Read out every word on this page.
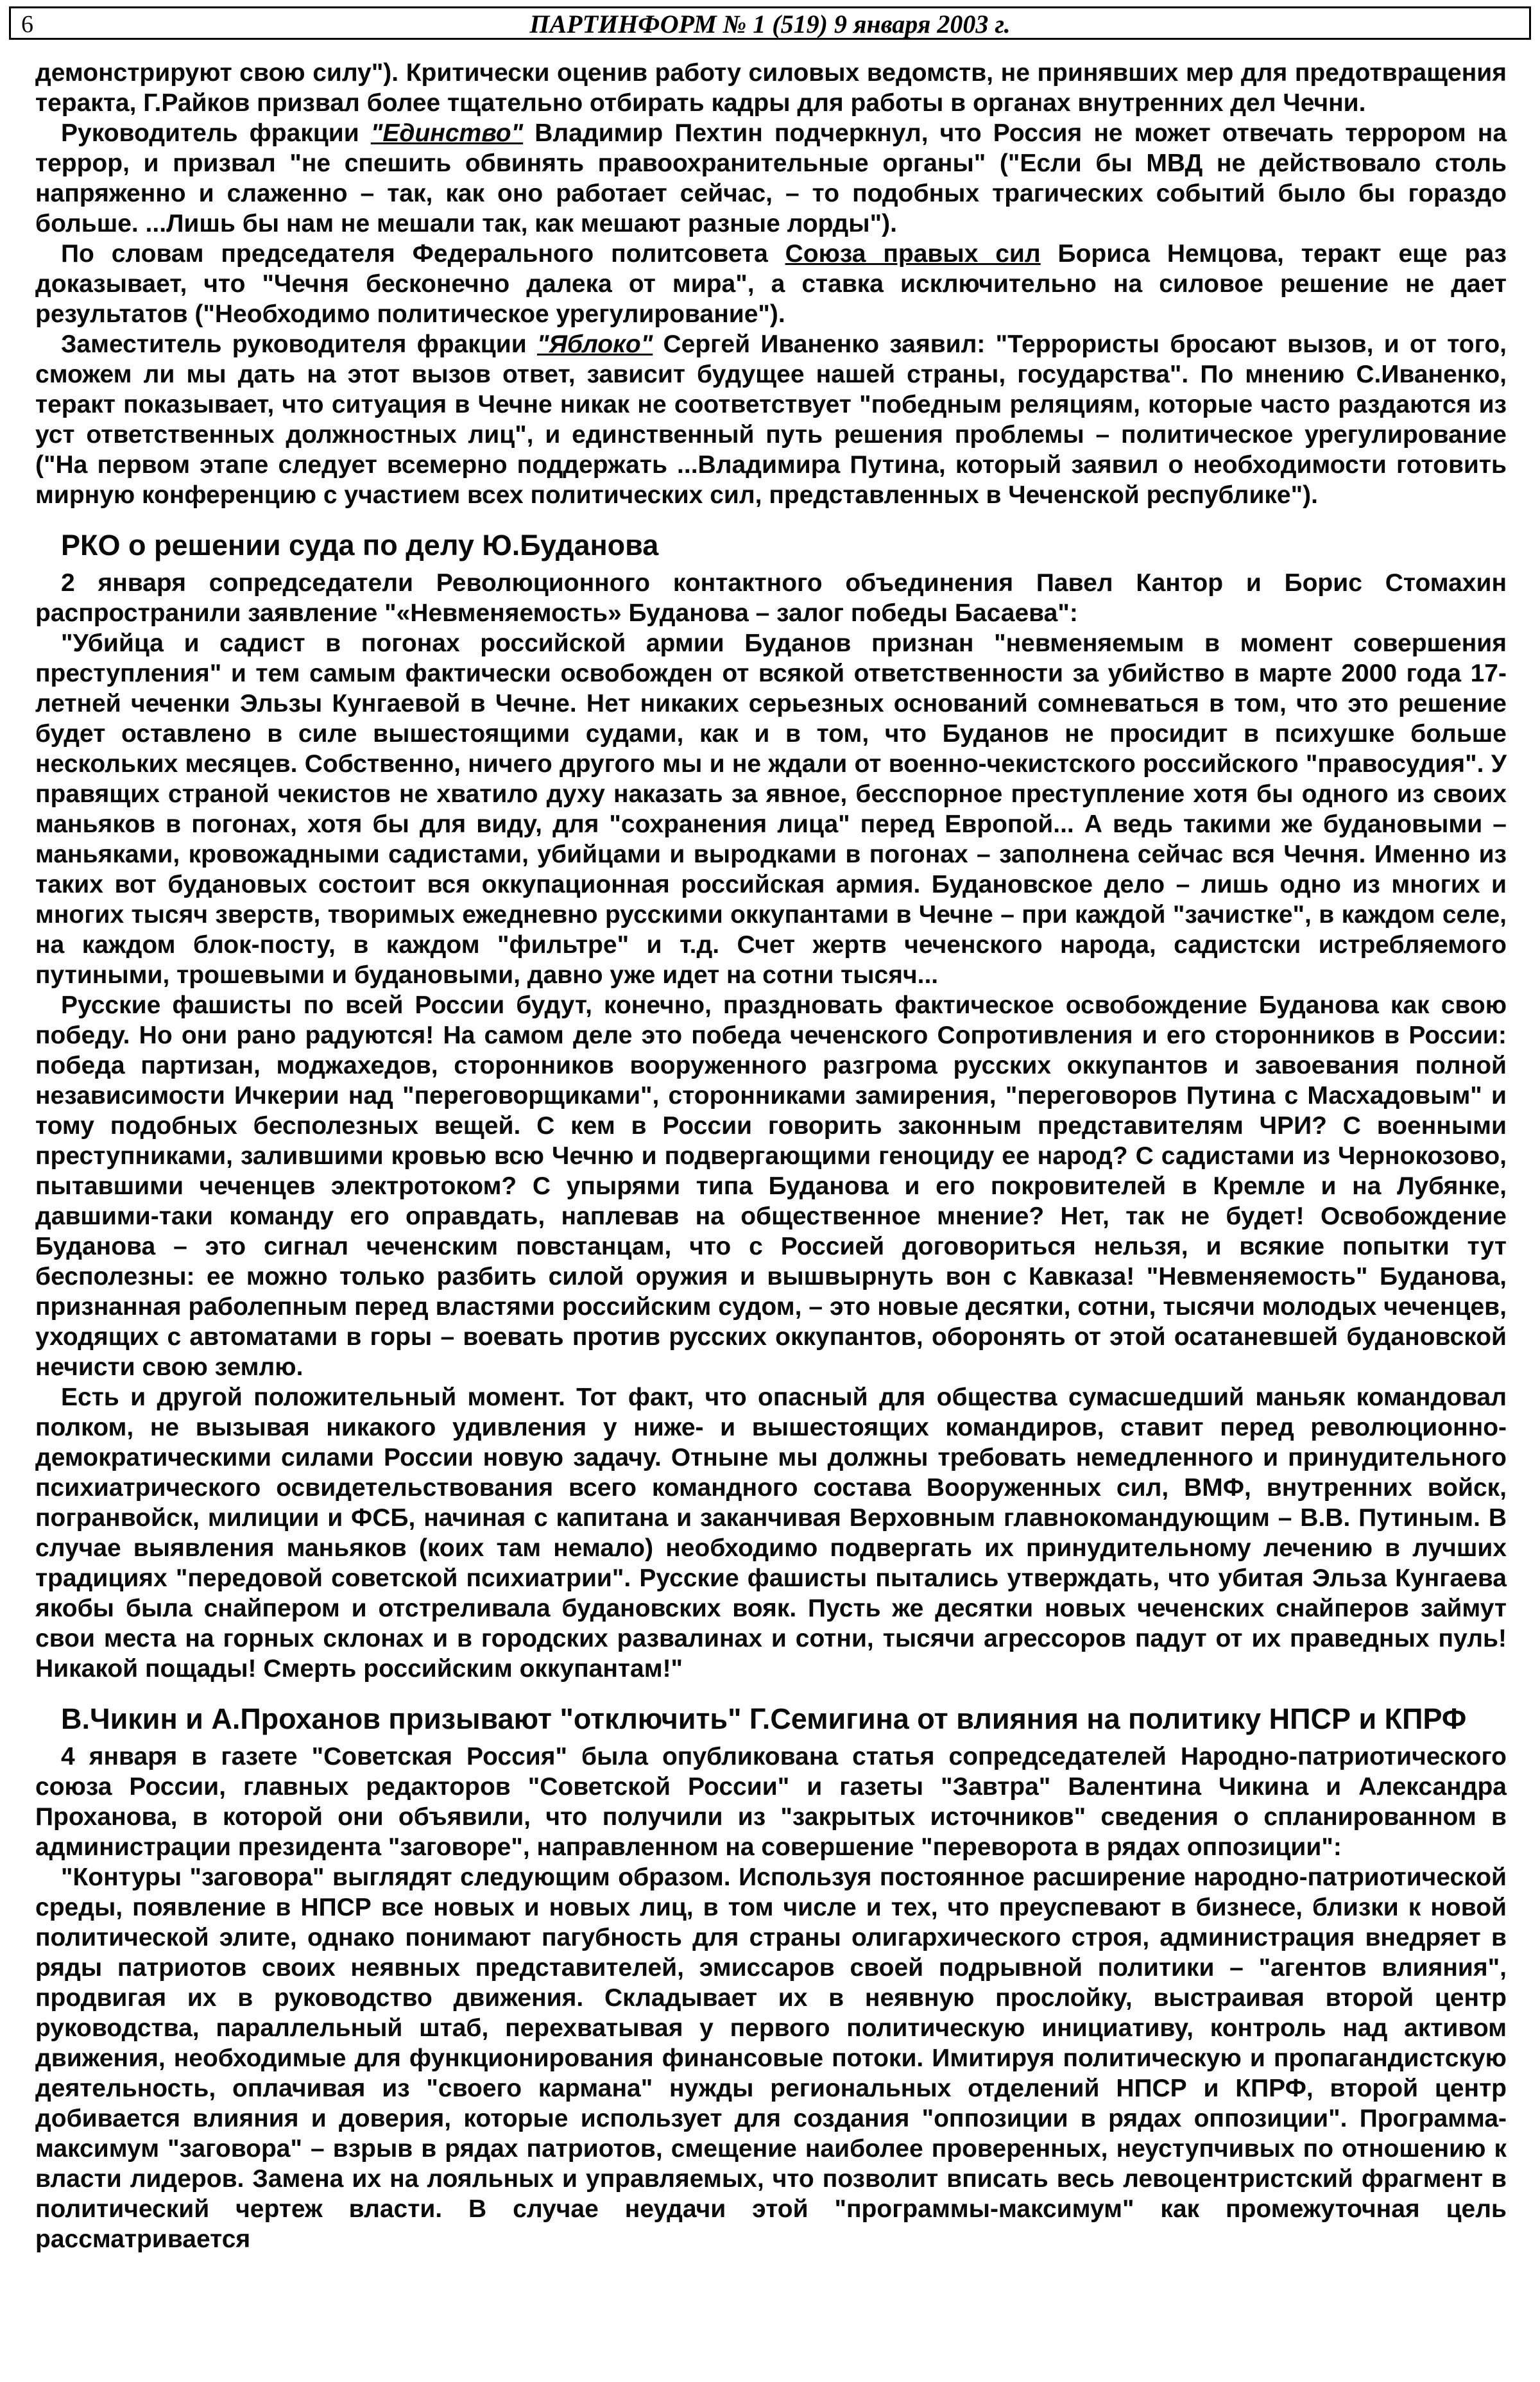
6	ПАРТИНФОРМ № 1 (519) 9 января 2003 г.

демонстрируют свою силу"). Критически оценив работу силовых ведомств, не принявших мер для предотвращения теракта, Г.Райков призвал более тщательно отбирать кадры для работы в органах внутренних дел Чечни.

Руководитель фракции "Единство" Владимир Пехтин подчеркнул, что Россия не может отвечать террором на террор, и призвал "не спешить обвинять правоохранительные органы" ("Если бы МВД не действовало столь напряженно и слаженно – так, как оно работает сейчас, – то подобных трагических событий было бы гораздо больше. ...Лишь бы нам не мешали так, как мешают разные лорды").

По словам председателя Федерального политсовета Союза правых сил Бориса Немцова, теракт еще раз доказывает, что "Чечня бесконечно далека от мира", а ставка исключительно на силовое решение не дает результатов ("Необходимо политическое урегулирование").

Заместитель руководителя фракции "Яблоко" Сергей Иваненко заявил: "Террористы бросают вызов, и от того, сможем ли мы дать на этот вызов ответ, зависит будущее нашей страны, государства". По мнению С.Иваненко, теракт показывает, что ситуация в Чечне никак не соответствует "победным реляциям, которые часто раздаются из уст ответственных должностных лиц", и единственный путь решения проблемы – политическое урегулирование ("На первом этапе следует всемерно поддержать ...Владимира Путина, который заявил о необходимости готовить мирную конференцию с участием всех политических сил, представленных в Чеченской республике").

РКО о решении суда по делу Ю.Буданова

2 января сопредседатели Революционного контактного объединения Павел Кантор и Борис Стомахин распространили заявление "«Невменяемость» Буданова – залог победы Басаева":

"Убийца и садист в погонах российской армии Буданов признан "невменяемым в момент совершения преступления" и тем самым фактически освобожден от всякой ответственности за убийство в марте 2000 года 17-летней чеченки Эльзы Кунгаевой в Чечне. Нет никаких серьезных оснований сомневаться в том, что это решение будет оставлено в силе вышестоящими судами, как и в том, что Буданов не просидит в психушке больше нескольких месяцев. Собственно, ничего другого мы и не ждали от военно-чекистского российского "правосудия". У правящих страной чекистов не хватило духу наказать за явное, бесспорное преступление хотя бы одного из своих маньяков в погонах, хотя бы для виду, для "сохранения лица" перед Европой... А ведь такими же будановыми – маньяками, кровожадными садистами, убийцами и выродками в погонах – заполнена сейчас вся Чечня. Именно из таких вот будановых состоит вся оккупационная российская армия. Будановское дело – лишь одно из многих и многих тысяч зверств, творимых ежедневно русскими оккупантами в Чечне – при каждой "зачистке", в каждом селе, на каждом блок-посту, в каждом "фильтре" и т.д. Счет жертв чеченского народа, садистски истребляемого путиными, трошевыми и будановыми, давно уже идет на сотни тысяч...

Русские фашисты по всей России будут, конечно, праздновать фактическое освобождение Буданова как свою победу. Но они рано радуются! На самом деле это победа чеченского Сопротивления и его сторонников в России: победа партизан, моджахедов, сторонников вооруженного разгрома русских оккупантов и завоевания полной независимости Ичкерии над "переговорщиками", сторонниками замирения, "переговоров Путина с Масхадовым" и тому подобных бесполезных вещей. С кем в России говорить законным представителям ЧРИ? С военными преступниками, залившими кровью всю Чечню и подвергающими геноциду ее народ? С садистами из Чернокозово, пытавшими чеченцев электротоком? С упырями типа Буданова и его покровителей в Кремле и на Лубянке, давшими-таки команду его оправдать, наплевав на общественное мнение? Нет, так не будет! Освобождение Буданова – это сигнал чеченским повстанцам, что с Россией договориться нельзя, и всякие попытки тут бесполезны: ее можно только разбить силой оружия и вышвырнуть вон с Кавказа! "Невменяемость" Буданова, признанная раболепным перед властями российским судом, – это новые десятки, сотни, тысячи молодых чеченцев, уходящих с автоматами в горы – воевать против русских оккупантов, оборонять от этой осатаневшей будановской нечисти свою землю.

Есть и другой положительный момент. Тот факт, что опасный для общества сумасшедший маньяк командовал полком, не вызывая никакого удивления у ниже- и вышестоящих командиров, ставит перед революционно-демократическими силами России новую задачу. Отныне мы должны требовать немедленного и принудительного психиатрического освидетельствования всего командного состава Вооруженных сил, ВМФ, внутренних войск, погранвойск, милиции и ФСБ, начиная с капитана и заканчивая Верховным главнокомандующим – В.В. Путиным. В случае выявления маньяков (коих там немало) необходимо подвергать их принудительному лечению в лучших традициях "передовой советской психиатрии". Русские фашисты пытались утверждать, что убитая Эльза Кунгаева якобы была снайпером и отстреливала будановских вояк. Пусть же десятки новых чеченских снайперов займут свои места на горных склонах и в городских развалинах и сотни, тысячи агрессоров падут от их праведных пуль! Никакой пощады! Смерть российским оккупантам!"

В.Чикин и А.Проханов призывают "отключить" Г.Семигина от влияния на политику НПСР и КПРФ

4 января в газете "Советская Россия" была опубликована статья сопредседателей Народно-патриотического союза России, главных редакторов "Советской России" и газеты "Завтра" Валентина Чикина и Александра Проханова, в которой они объявили, что получили из "закрытых источников" сведения о спланированном в администрации президента "заговоре", направленном на совершение "переворота в рядах оппозиции":

"Контуры "заговора" выглядят следующим образом. Используя постоянное расширение народно-патриотической среды, появление в НПСР все новых и новых лиц, в том числе и тех, что преуспевают в бизнесе, близки к новой политической элите, однако понимают пагубность для страны олигархического строя, администрация внедряет в ряды патриотов своих неявных представителей, эмиссаров своей подрывной политики – "агентов влияния", продвигая их в руководство движения. Складывает их в неявную прослойку, выстраивая второй центр руководства, параллельный штаб, перехватывая у первого политическую инициативу, контроль над активом движения, необходимые для функционирования финансовые потоки. Имитируя политическую и пропагандистскую деятельность, оплачивая из "своего кармана" нужды региональных отделений НПСР и КПРФ, второй центр добивается влияния и доверия, которые использует для создания "оппозиции в рядах оппозиции". Программа-максимум "заговора" – взрыв в рядах патриотов, смещение наиболее проверенных, неуступчивых по отношению к власти лидеров. Замена их на лояльных и управляемых, что позволит вписать весь левоцентристский фрагмент в политический чертеж власти. В случае неудачи этой "программы-максимум" как промежуточная цель рассматривается
